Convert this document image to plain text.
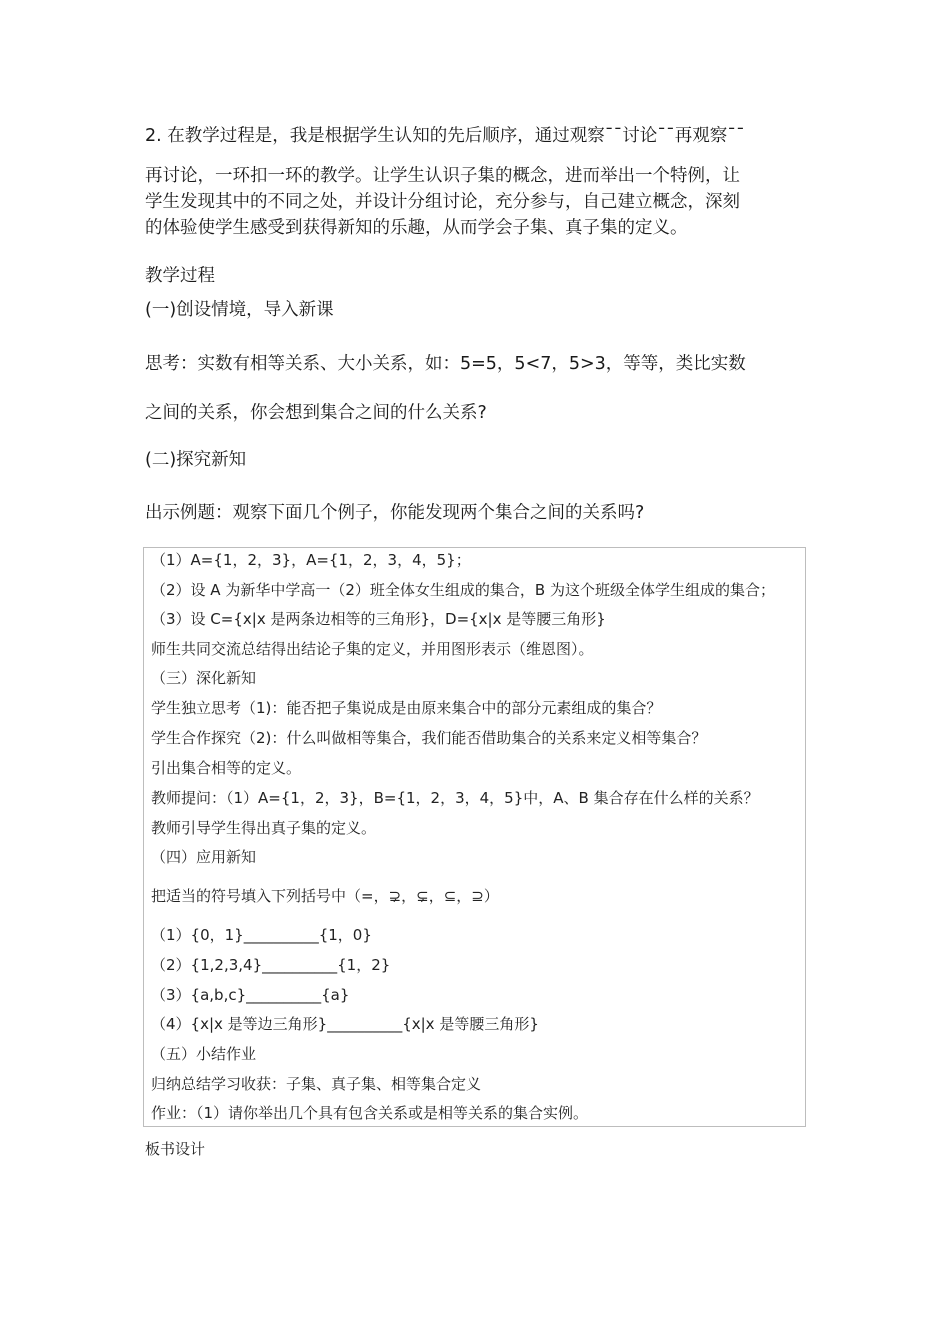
2. 在教学过程是，我是根据学生认知的先后顺序，通过观察¯¯讨论¯¯再观察¯¯
再讨论，一环扣一环的教学。让学生认识子集的概念，进而举出一个特例，让
学生发现其中的不同之处，并设计分组讨论，充分参与，自己建立概念，深刻
的体验使学生感受到获得新知的乐趣，从而学会子集、真子集的定义。
教学过程
(一)创设情境，导入新课
思考：实数有相等关系、大小关系，如：5=5，5<7，5>3，等等，类比实数
之间的关系，你会想到集合之间的什么关系?
(二)探究新知
出示例题：观察下面几个例子，你能发现两个集合之间的关系吗?
（1）A={1，2，3}，A={1，2，3，4，5}；
（2）设 A 为新华中学高一（2）班全体女生组成的集合，B 为这个班级全体学生组成的集合；
（3）设 C={x|x 是两条边相等的三角形}，D={x|x 是等腰三角形}
师生共同交流总结得出结论子集的定义，并用图形表示（维恩图）。
（三）深化新知
学生独立思考（1)：能否把子集说成是由原来集合中的部分元素组成的集合？
学生合作探究（2)：什么叫做相等集合，我们能否借助集合的关系来定义相等集合？
引出集合相等的定义。
教师提问：（1）A={1，2，3}，B={1，2，3，4，5}中，A、B 集合存在什么样的关系？
教师引导学生得出真子集的定义。
（四）应用新知
把适当的符号填入下列括号中（=，⊋，⊊，⊆，⊇）
（1）{0，1}__________{1，0}
（2）{1,2,3,4}__________{1，2}
（3）{a,b,c}__________{a}
（4）{x|x 是等边三角形}__________{x|x 是等腰三角形}
（五）小结作业
归纳总结学习收获：子集、真子集、相等集合定义
作业：（1）请你举出几个具有包含关系或是相等关系的集合实例。
板书设计
